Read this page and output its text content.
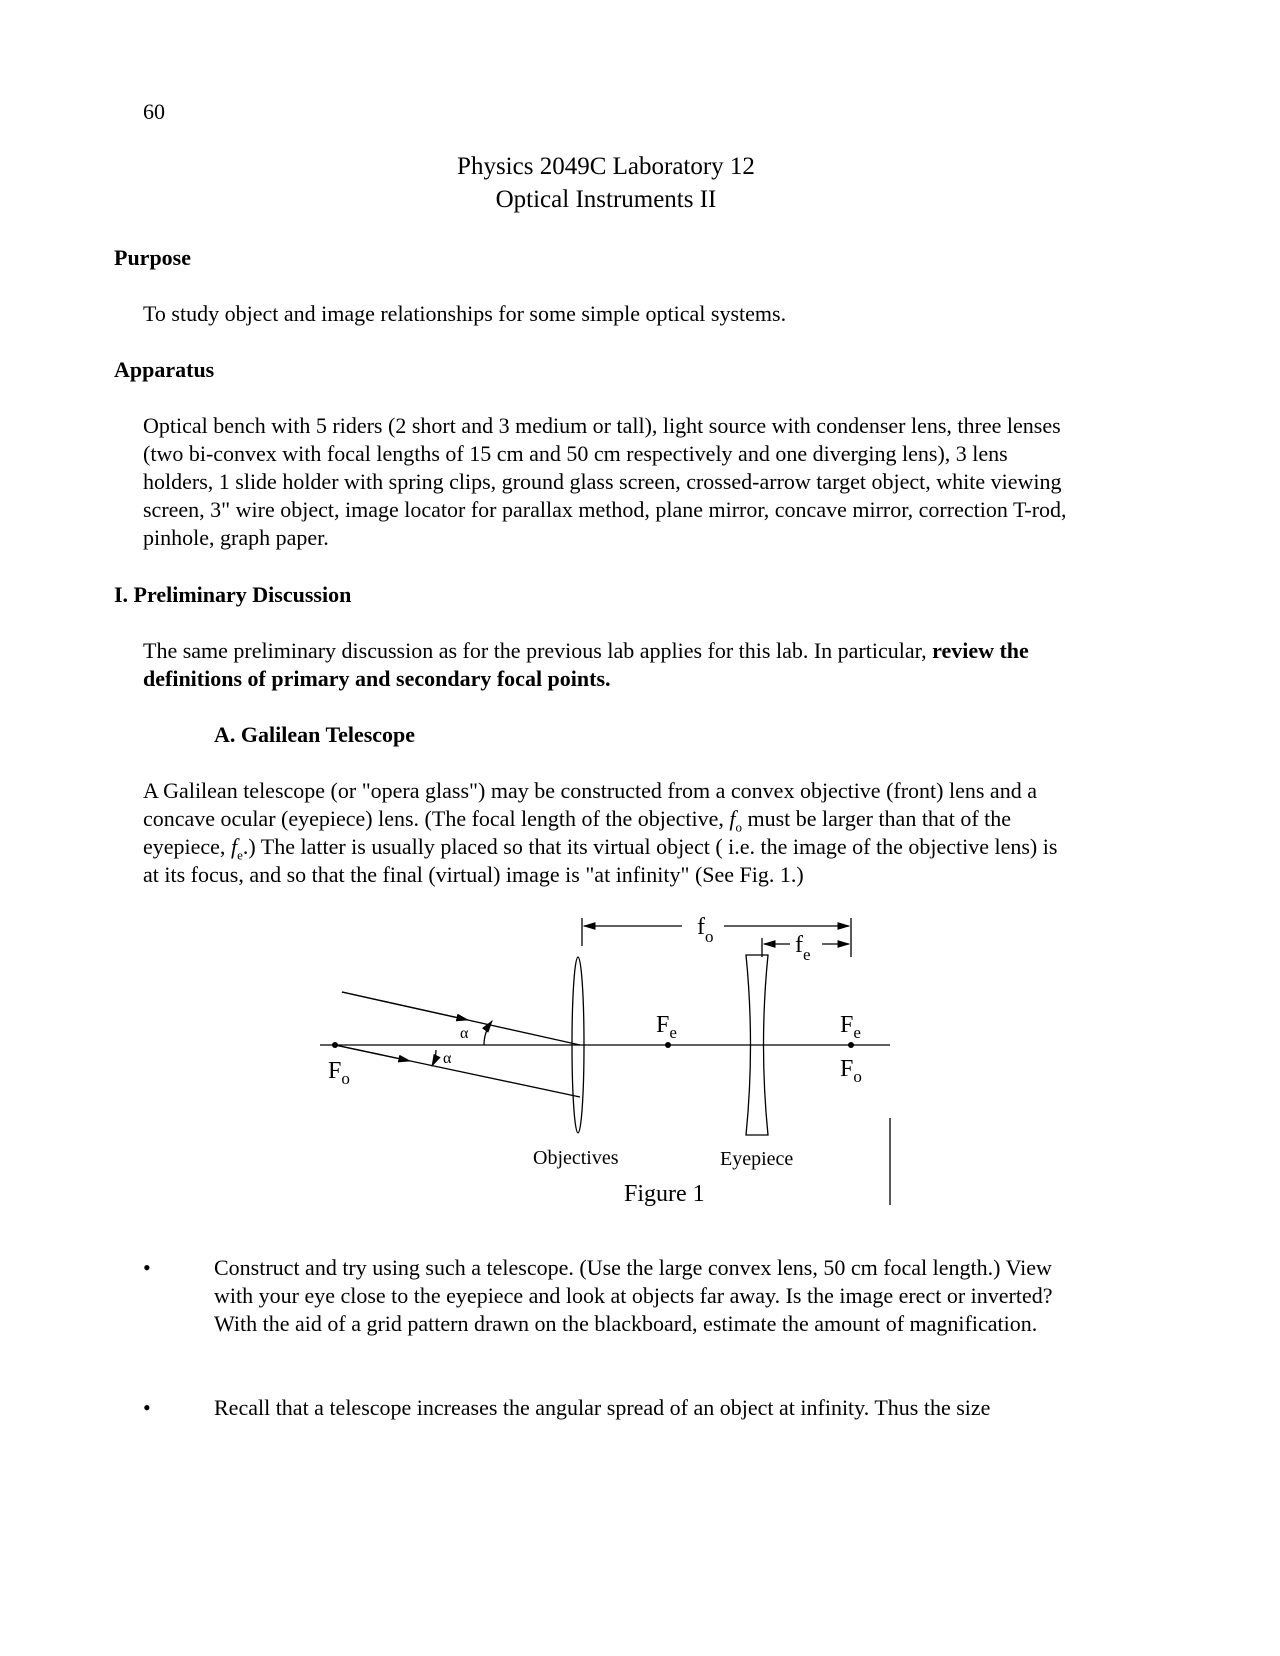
60
Physics 2049C Laboratory 12
Optical Instruments II
Purpose
To study object and image relationships for some simple optical systems.
Apparatus
Optical bench with 5 riders (2 short and 3 medium or tall), light source with condenser lens, three lenses (two bi-convex with focal lengths of 15 cm and 50 cm respectively and one diverging lens), 3 lens holders, 1 slide holder with spring clips, ground glass screen, crossed-arrow target object, white viewing screen, 3" wire object, image locator for parallax method, plane mirror, concave mirror, correction T-rod, pinhole, graph paper.
I. Preliminary Discussion
The same preliminary discussion as for the previous lab applies for this lab. In particular, review the definitions of primary and secondary focal points.
A. Galilean Telescope
A Galilean telescope (or "opera glass") may be constructed from a convex objective (front) lens and a concave ocular (eyepiece) lens. (The focal length of the objective, $f_o$ must be larger than that of the eyepiece, $f_e$.) The latter is usually placed so that its virtual object ( i.e. the image of the objective lens) is at its focus, and so that the final (virtual) image is "at infinity" (See Fig. 1.)
$f_o$	$f_e$
$F_e$	$F_e$
$F_o$
$F_o$
α
α
Objectives	Eyepiece
Figure 1
•	Construct and try using such a telescope. (Use the large convex lens, 50 cm focal length.) View with your eye close to the eyepiece and look at objects far away. Is the image erect or inverted? With the aid of a grid pattern drawn on the blackboard, estimate the amount of magnification.
•	Recall that a telescope increases the angular spread of an object at infinity. Thus the size
